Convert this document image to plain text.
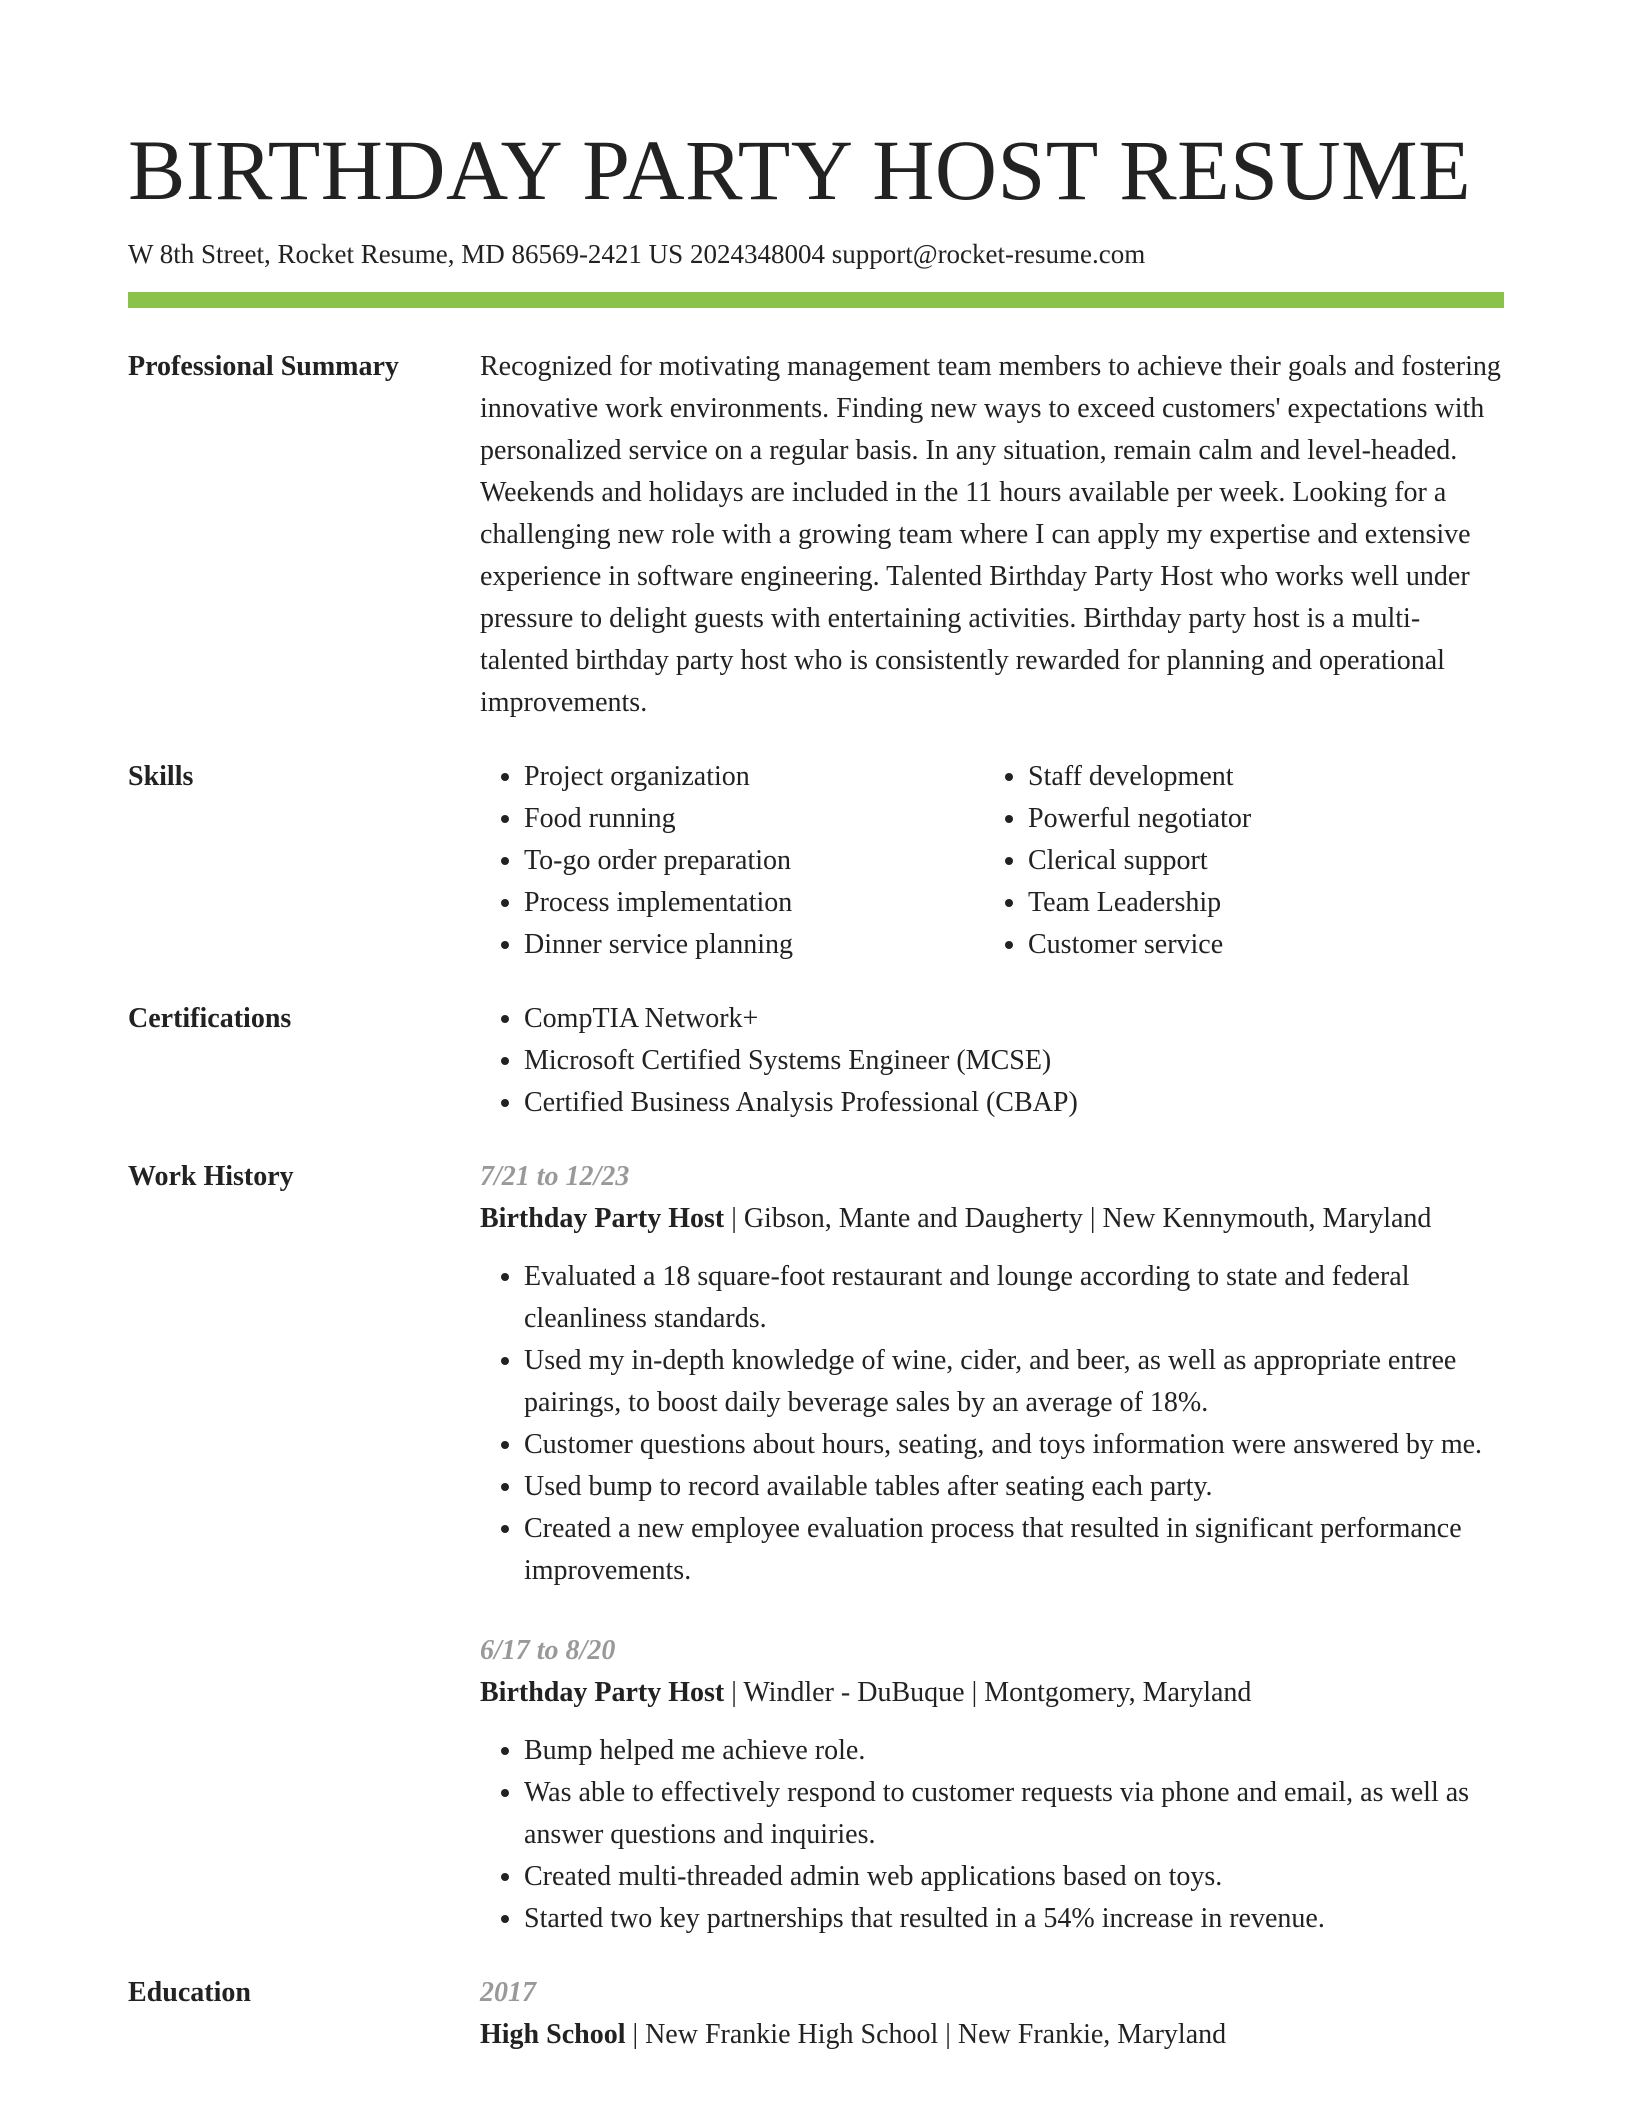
BIRTHDAY PARTY HOST RESUME
W 8th Street, Rocket Resume, MD 86569-2421 US 2024348004 support@rocket-resume.com
Professional Summary	Recognized for motivating management team members to achieve their goals and fostering innovative work environments. Finding new ways to exceed customers' expectations with personalized service on a regular basis. In any situation, remain calm and level-headed. Weekends and holidays are included in the 11 hours available per week. Looking for a challenging new role with a growing team where I can apply my expertise and extensive experience in software engineering. Talented Birthday Party Host who works well under pressure to delight guests with entertaining activities. Birthday party host is a multi-talented birthday party host who is consistently rewarded for planning and operational improvements.

Skills	• Project organization
• Food running
• To-go order preparation
• Process implementation
• Dinner service planning
• Staff development
• Powerful negotiator
• Clerical support
• Team Leadership
• Customer service
Certifications	• CompTIA Network+
• Microsoft Certified Systems Engineer (MCSE)
• Certified Business Analysis Professional (CBAP)
Work History	7/21 to 12/23
Birthday Party Host | Gibson, Mante and Daugherty | New Kennymouth, Maryland
• Evaluated a 18 square-foot restaurant and lounge according to state and federal cleanliness standards.
• Used my in-depth knowledge of wine, cider, and beer, as well as appropriate entree pairings, to boost daily beverage sales by an average of 18%.
• Customer questions about hours, seating, and toys information were answered by me.
• Used bump to record available tables after seating each party.
• Created a new employee evaluation process that resulted in significant performance improvements.
6/17 to 8/20
Birthday Party Host | Windler - DuBuque | Montgomery, Maryland
• Bump helped me achieve role.
• Was able to effectively respond to customer requests via phone and email, as well as answer questions and inquiries.
• Created multi-threaded admin web applications based on toys.
• Started two key partnerships that resulted in a 54% increase in revenue.
Education	2017
High School | New Frankie High School | New Frankie, Maryland
